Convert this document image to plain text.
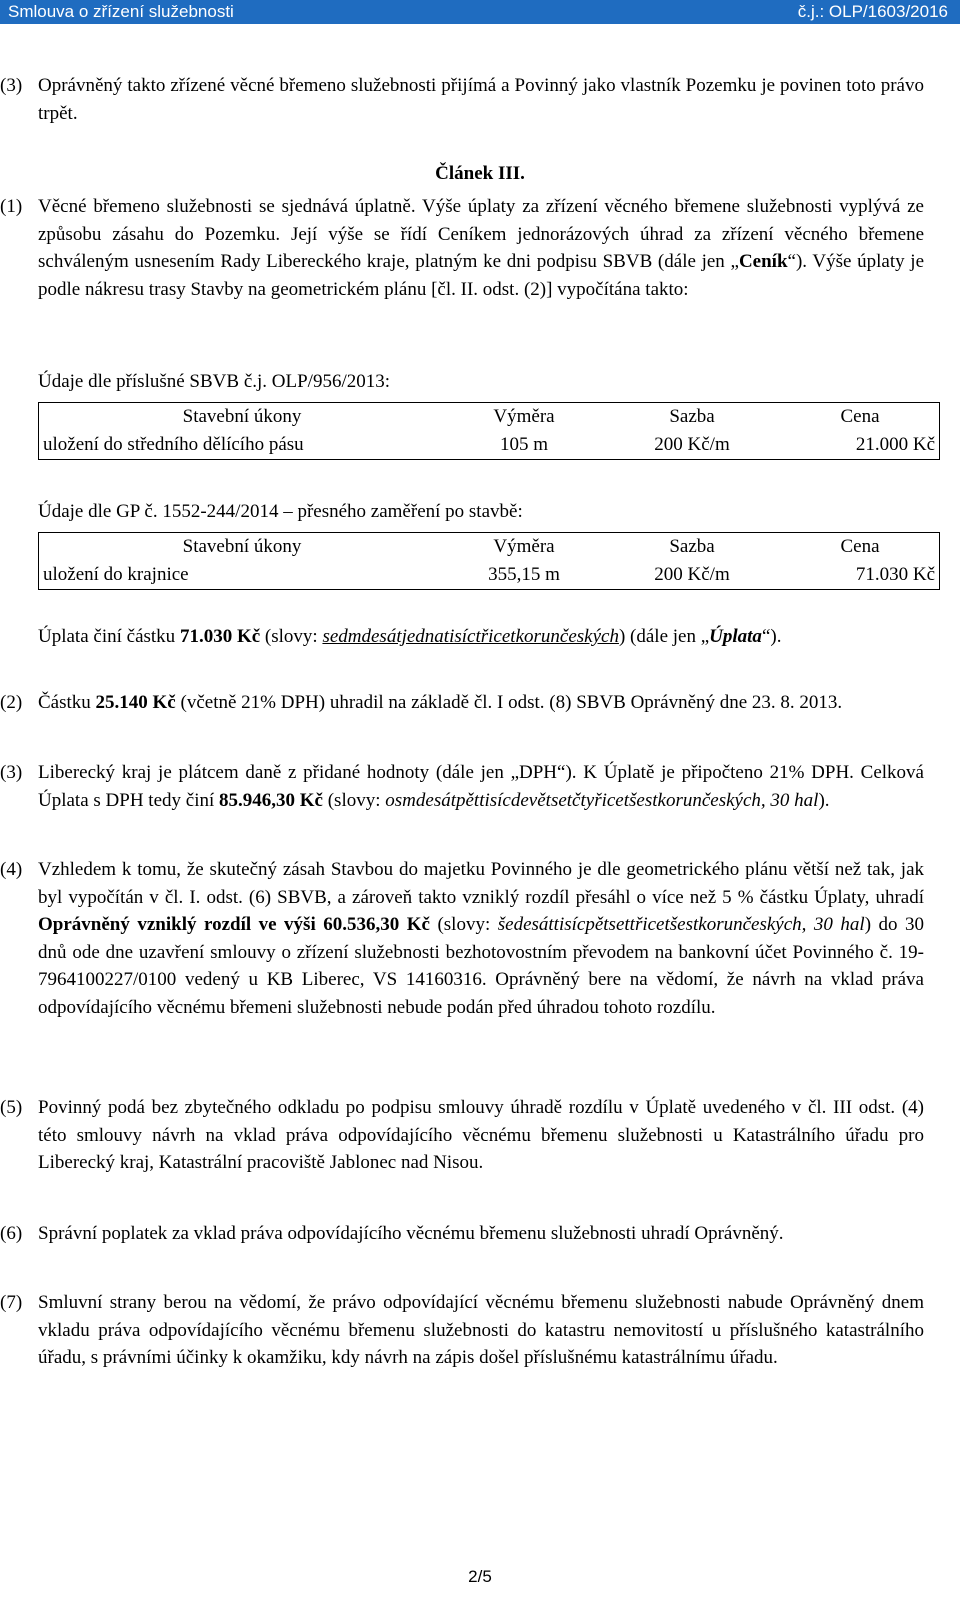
Smlouva o zřízení služebnosti	č.j.: OLP/1603/2016
(3) Oprávněný takto zřízené věcné břemeno služebnosti přijímá a Povinný jako vlastník Pozemku je povinen toto právo trpět.
Článek III.
(1) Věcné břemeno služebnosti se sjednává úplatně. Výše úplaty za zřízení věcného břemene služebnosti vyplývá ze způsobu zásahu do Pozemku. Její výše se řídí Ceníkem jednorázových úhrad za zřízení věcného břemene schváleným usnesením Rady Libereckého kraje, platným ke dni podpisu SBVB (dále jen „Ceník“). Výše úplaty je podle nákresu trasy Stavby na geometrickém plánu [čl. II. odst. (2)] vypočítána takto:
Údaje dle příslušné SBVB č.j. OLP/956/2013:
Stavební úkony	Výměra	Sazba	Cena
uložení do středního dělícího pásu	105 m	200 Kč/m	21.000 Kč
Údaje dle GP č. 1552-244/2014 – přesného zaměření po stavbě:
Stavební úkony	Výměra	Sazba	Cena
uložení do krajnice	355,15 m	200 Kč/m	71.030 Kč
Úplata činí částku 71.030 Kč (slovy: sedmdesátjednatisíctřicetkorunčeských) (dále jen „Úplata“).
(2) Částku 25.140 Kč (včetně 21% DPH) uhradil na základě čl. I odst. (8) SBVB Oprávněný dne 23. 8. 2013.
(3) Liberecký kraj je plátcem daně z přidané hodnoty (dále jen „DPH“). K Úplatě je připočteno 21% DPH. Celková Úplata s DPH tedy činí 85.946,30 Kč (slovy: osmdesátpěttisícdevětsetčtyřicetšestkorunčeských, 30 hal).
(4) Vzhledem k tomu, že skutečný zásah Stavbou do majetku Povinného je dle geometrického plánu větší než tak, jak byl vypočítán v čl. I. odst. (6) SBVB, a zároveň takto vzniklý rozdíl přesáhl o více než 5 % částku Úplaty, uhradí Oprávněný vzniklý rozdíl ve výši 60.536,30 Kč (slovy: šedesáttisícpětsettřicetšestkorunčeských, 30 hal) do 30 dnů ode dne uzavření smlouvy o zřízení služebnosti bezhotovostním převodem na bankovní účet Povinného č. 19-7964100227/0100 vedený u KB Liberec, VS 14160316. Oprávněný bere na vědomí, že návrh na vklad práva odpovídajícího věcnému břemeni služebnosti nebude podán před úhradou tohoto rozdílu.
(5) Povinný podá bez zbytečného odkladu po podpisu smlouvy úhradě rozdílu v Úplatě uvedeného v čl. III odst. (4) této smlouvy návrh na vklad práva odpovídajícího věcnému břemenu služebnosti u Katastrálního úřadu pro Liberecký kraj, Katastrální pracoviště Jablonec nad Nisou.
(6) Správní poplatek za vklad práva odpovídajícího věcnému břemenu služebnosti uhradí Oprávněný.
(7) Smluvní strany berou na vědomí, že právo odpovídající věcnému břemenu služebnosti nabude Oprávněný dnem vkladu práva odpovídajícího věcnému břemenu služebnosti do katastru nemovitostí u příslušného katastrálního úřadu, s právními účinky k okamžiku, kdy návrh na zápis došel příslušnému katastrálnímu úřadu.
2/5
